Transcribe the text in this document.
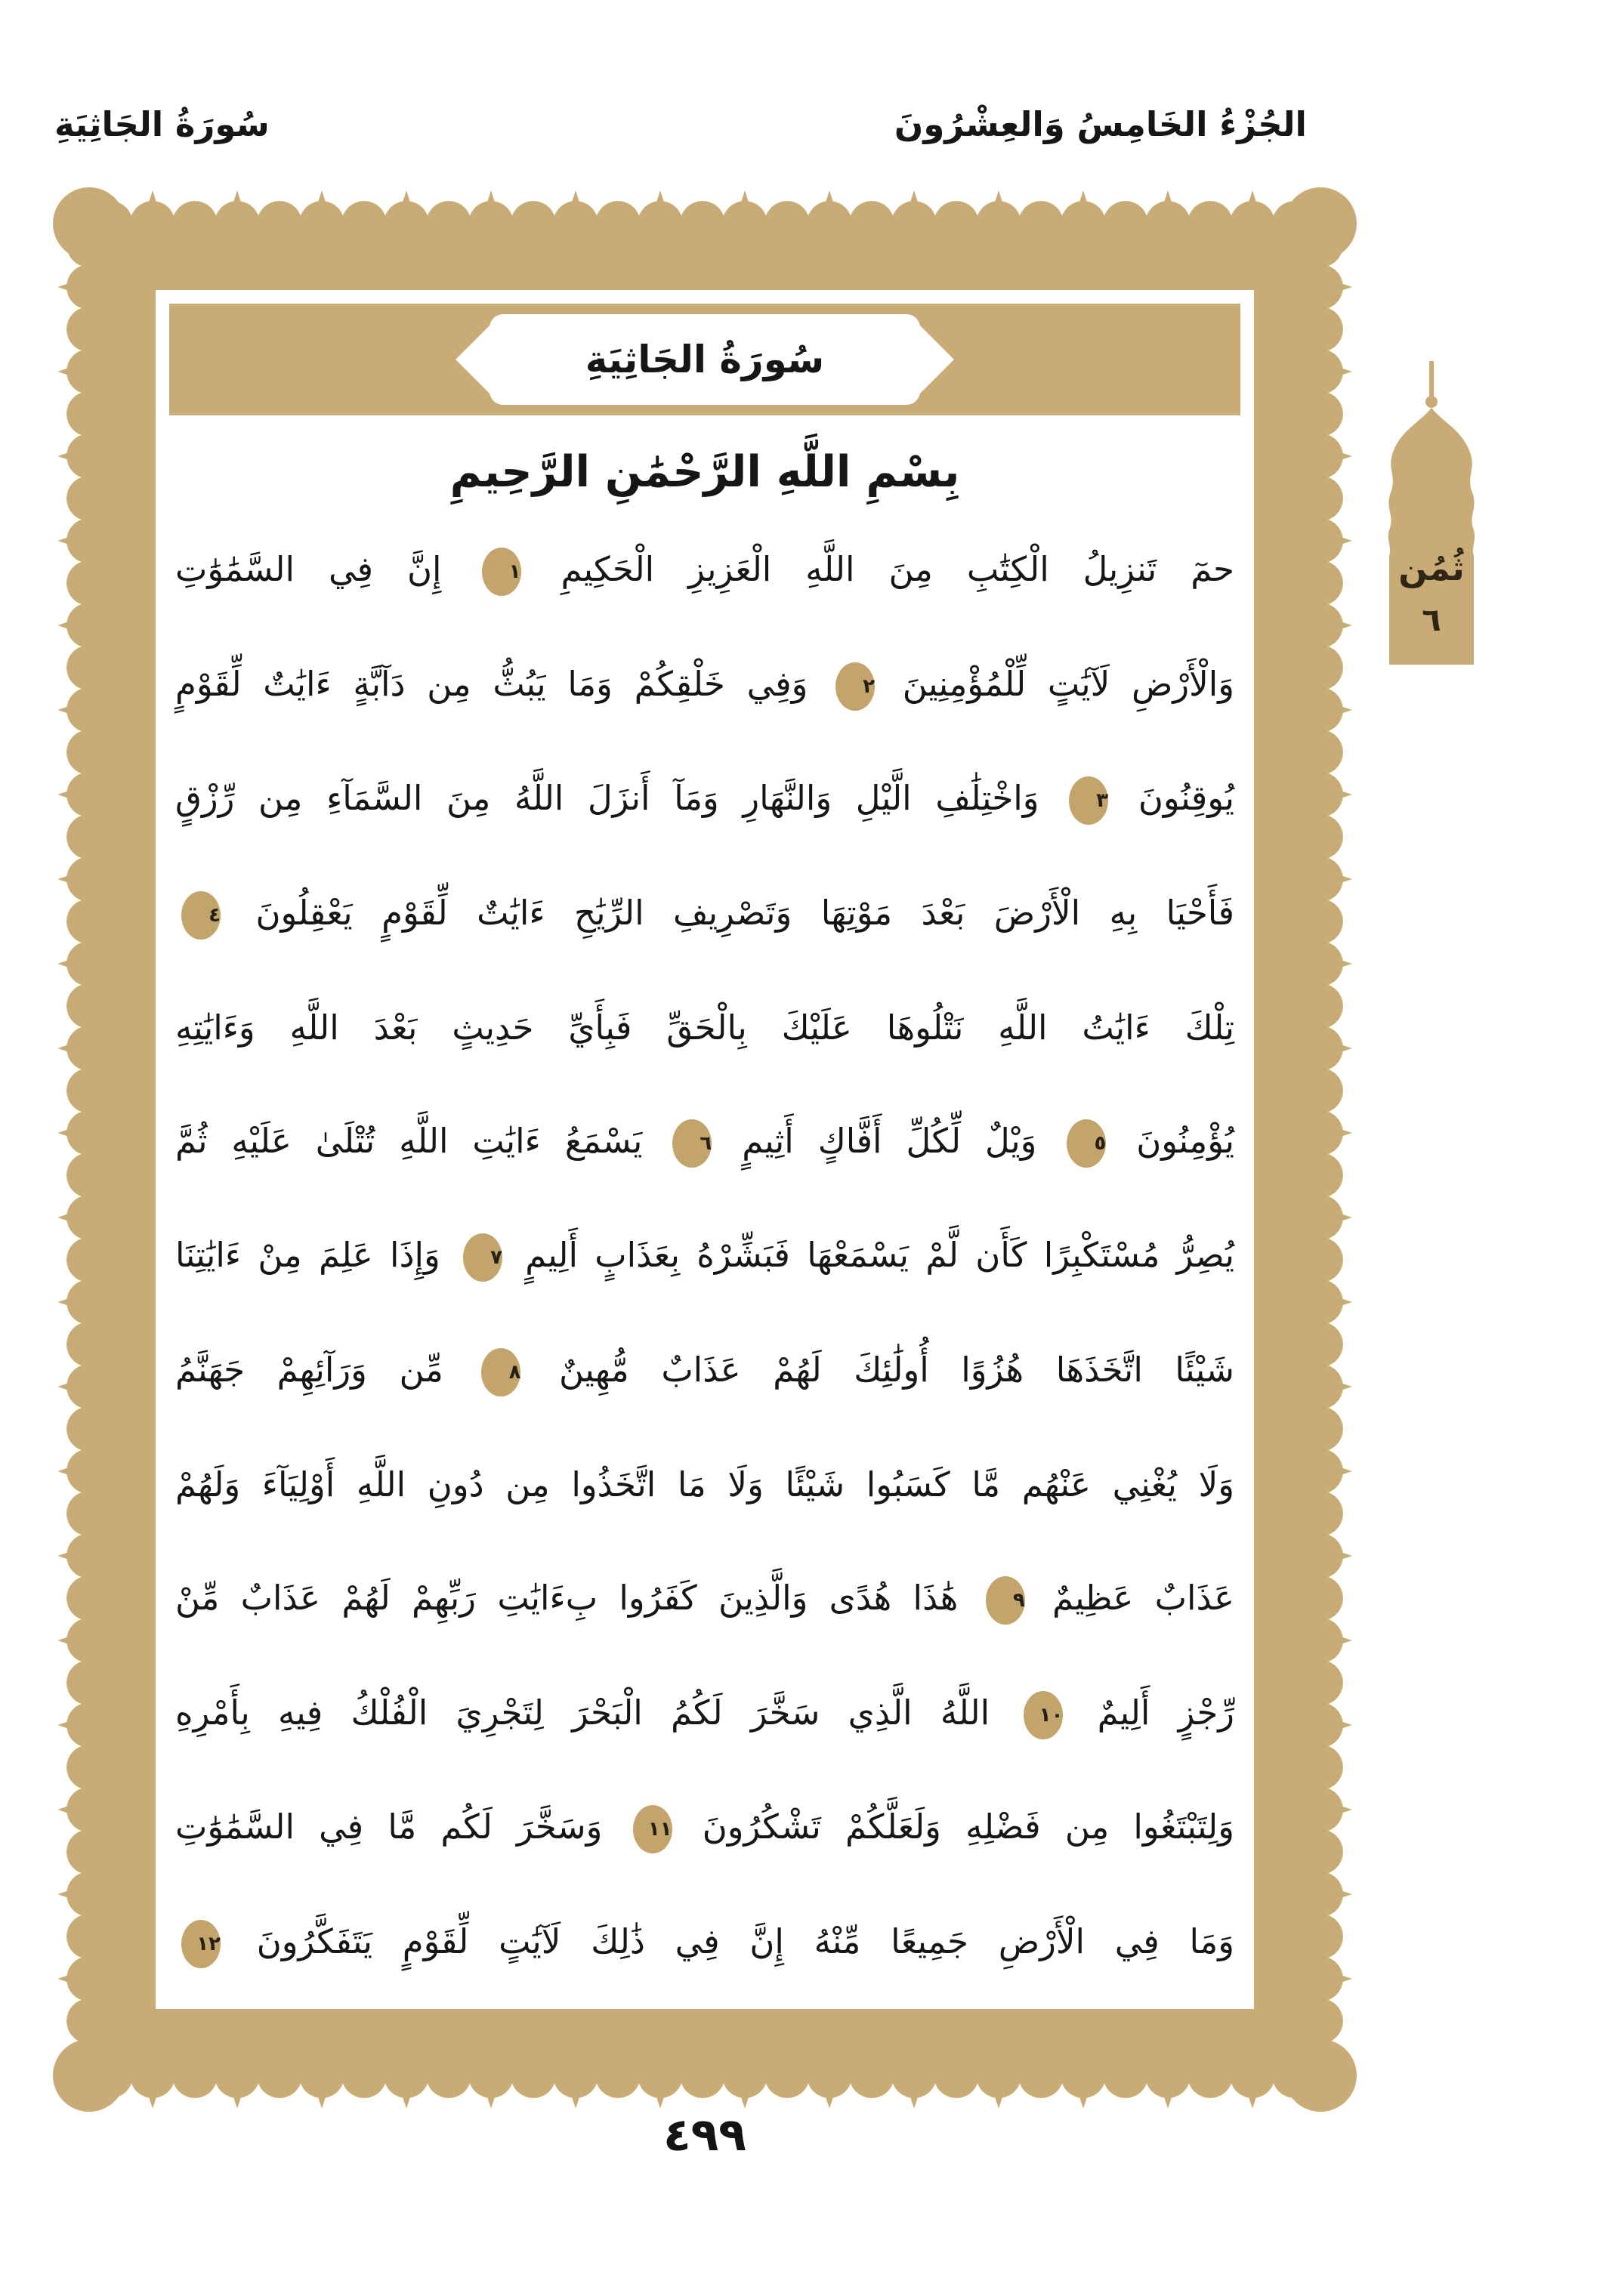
سُورَةُ الجَاثِيَةِ	الجُزْءُ الخَامِسُ وَالعِشْرُونَ
سُورَةُ الجَاثِيَةِ
بِسْمِ اللَّهِ الرَّحْمَٰنِ الرَّحِيمِ
حمٓ تَنزِيلُ الْكِتَٰبِ مِنَ اللَّهِ الْعَزِيزِ الْحَكِيمِ ١ إِنَّ فِي السَّمَٰوَٰتِ
وَالْأَرْضِ لَآيَٰتٍ لِّلْمُؤْمِنِينَ ٢ وَفِي خَلْقِكُمْ وَمَا يَبُثُّ مِن دَآبَّةٍ ءَايَٰتٌ لِّقَوْمٍ
يُوقِنُونَ ٣ وَاخْتِلَٰفِ الَّيْلِ وَالنَّهَارِ وَمَآ أَنزَلَ اللَّهُ مِنَ السَّمَآءِ مِن رِّزْقٍ
فَأَحْيَا بِهِ الْأَرْضَ بَعْدَ مَوْتِهَا وَتَصْرِيفِ الرِّيَٰحِ ءَايَٰتٌ لِّقَوْمٍ يَعْقِلُونَ ٤
تِلْكَ ءَايَٰتُ اللَّهِ نَتْلُوهَا عَلَيْكَ بِالْحَقِّ فَبِأَيِّ حَدِيثٍ بَعْدَ اللَّهِ وَءَايَٰتِهِ
يُؤْمِنُونَ ٥ وَيْلٌ لِّكُلِّ أَفَّاكٍ أَثِيمٍ ٦ يَسْمَعُ ءَايَٰتِ اللَّهِ تُتْلَىٰ عَلَيْهِ ثُمَّ
يُصِرُّ مُسْتَكْبِرًا كَأَن لَّمْ يَسْمَعْهَا فَبَشِّرْهُ بِعَذَابٍ أَلِيمٍ ٧ وَإِذَا عَلِمَ مِنْ ءَايَٰتِنَا
شَيْئًا اتَّخَذَهَا هُزُوًا أُولَٰئِكَ لَهُمْ عَذَابٌ مُّهِينٌ ٨ مِّن وَرَآئِهِمْ جَهَنَّمُ
وَلَا يُغْنِي عَنْهُم مَّا كَسَبُوا شَيْئًا وَلَا مَا اتَّخَذُوا مِن دُونِ اللَّهِ أَوْلِيَآءَ وَلَهُمْ
عَذَابٌ عَظِيمٌ ٩ هَٰذَا هُدًى وَالَّذِينَ كَفَرُوا بِءَايَٰتِ رَبِّهِمْ لَهُمْ عَذَابٌ مِّنْ
رِّجْزٍ أَلِيمٌ ١٠ اللَّهُ الَّذِي سَخَّرَ لَكُمُ الْبَحْرَ لِتَجْرِيَ الْفُلْكُ فِيهِ بِأَمْرِهِ
وَلِتَبْتَغُوا مِن فَضْلِهِ وَلَعَلَّكُمْ تَشْكُرُونَ ١١ وَسَخَّرَ لَكُم مَّا فِي السَّمَٰوَٰتِ
وَمَا فِي الْأَرْضِ جَمِيعًا مِّنْهُ إِنَّ فِي ذَٰلِكَ لَآيَٰتٍ لِّقَوْمٍ يَتَفَكَّرُونَ ١٢
ثُمُن
٦
٤٩٩
